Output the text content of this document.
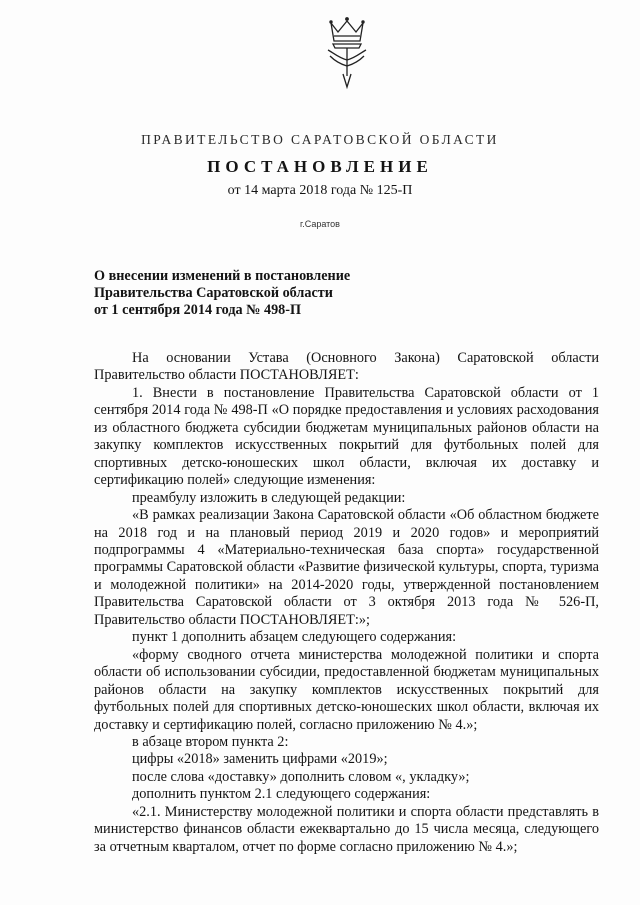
ПРАВИТЕЛЬСТВО САРАТОВСКОЙ ОБЛАСТИ
ПОСТАНОВЛЕНИЕ
от 14 марта 2018 года № 125-П
г.Саратов
О внесении изменений в постановление
Правительства Саратовской области
от 1 сентября 2014 года № 498-П

На основании Устава (Основного Закона) Саратовской области Правительство области ПОСТАНОВЛЯЕТ:

1. Внести в постановление Правительства Саратовской области от 1 сентября 2014 года № 498-П «О порядке предоставления и условиях расходования из областного бюджета субсидии бюджетам муниципальных районов области на закупку комплектов искусственных покрытий для футбольных полей для спортивных детско-юношеских школ области, включая их доставку и сертификацию полей» следующие изменения:

преамбулу изложить в следующей редакции:

«В рамках реализации Закона Саратовской области «Об областном бюджете на 2018 год и на плановый период 2019 и 2020 годов» и мероприятий подпрограммы 4 «Материально-техническая база спорта» государственной программы Саратовской области «Развитие физической культуры, спорта, туризма и молодежной политики» на 2014-2020 годы, утвержденной постановлением Правительства Саратовской области от 3 октября 2013 года № 526-П, Правительство области ПОСТАНОВЛЯЕТ:»;

пункт 1 дополнить абзацем следующего содержания:

«форму сводного отчета министерства молодежной политики и спорта области об использовании субсидии, предоставленной бюджетам муниципальных районов области на закупку комплектов искусственных покрытий для футбольных полей для спортивных детско-юношеских школ области, включая их доставку и сертификацию полей, согласно приложению № 4.»;

в абзаце втором пункта 2:

цифры «2018» заменить цифрами «2019»;

после слова «доставку» дополнить словом «, укладку»;

дополнить пунктом 2.1 следующего содержания:

«2.1. Министерству молодежной политики и спорта области представлять в министерство финансов области ежеквартально до 15 числа месяца, следующего за отчетным кварталом, отчет по форме согласно приложению № 4.»;
